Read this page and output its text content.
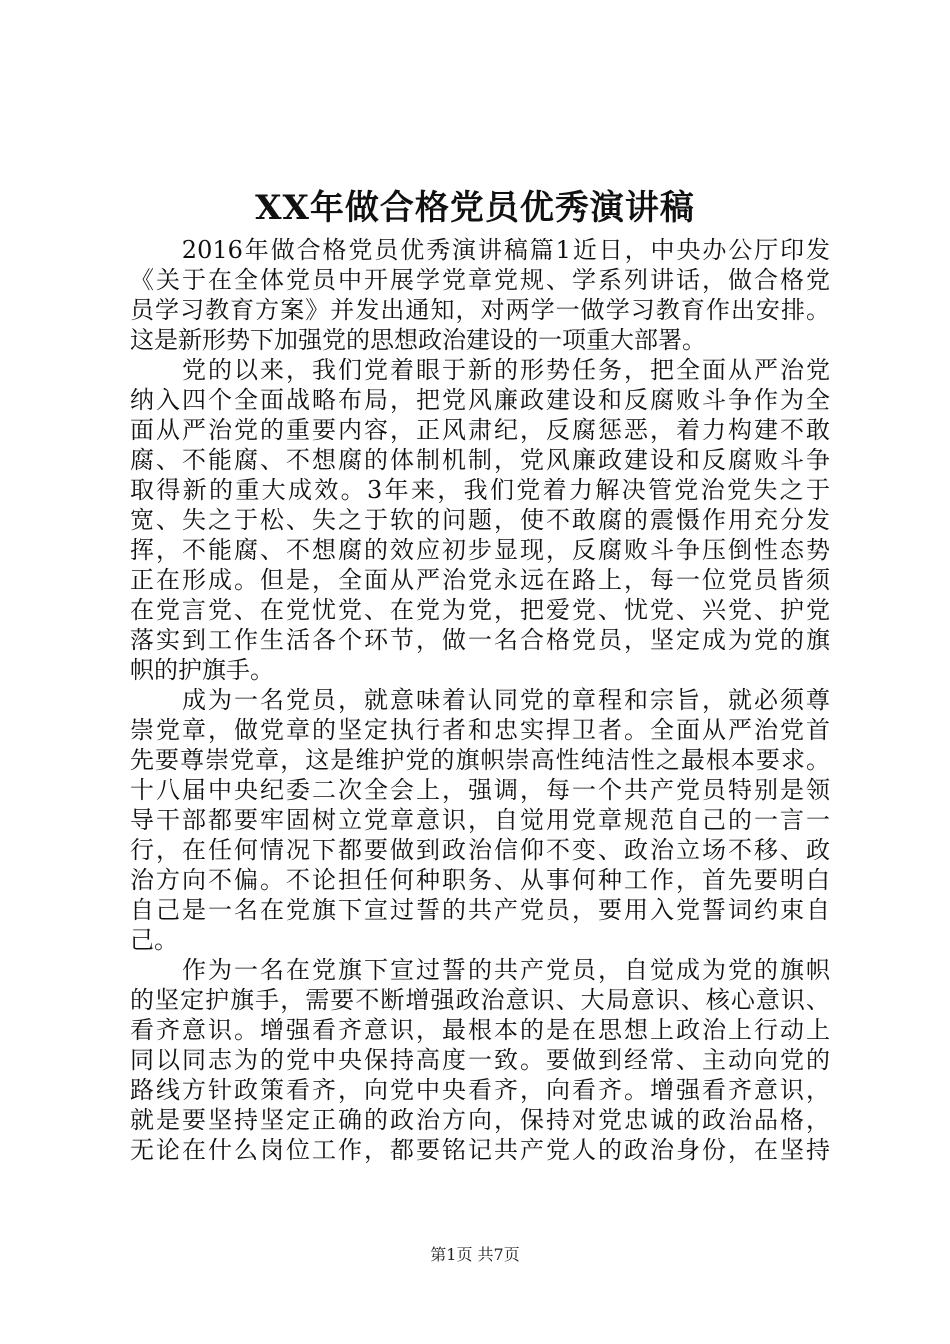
XX年做合格党员优秀演讲稿
　　2016年做合格党员优秀演讲稿篇1近日，中央办公厅印发
《关于在全体党员中开展学党章党规、学系列讲话，做合格党
员学习教育方案》并发出通知，对两学一做学习教育作出安排。
这是新形势下加强党的思想政治建设的一项重大部署。
　　党的以来，我们党着眼于新的形势任务，把全面从严治党
纳入四个全面战略布局，把党风廉政建设和反腐败斗争作为全
面从严治党的重要内容，正风肃纪，反腐惩恶，着力构建不敢
腐、不能腐、不想腐的体制机制，党风廉政建设和反腐败斗争
取得新的重大成效。3年来，我们党着力解决管党治党失之于
宽、失之于松、失之于软的问题，使不敢腐的震慑作用充分发
挥，不能腐、不想腐的效应初步显现，反腐败斗争压倒性态势
正在形成。但是，全面从严治党永远在路上，每一位党员皆须
在党言党、在党忧党、在党为党，把爱党、忧党、兴党、护党
落实到工作生活各个环节，做一名合格党员，坚定成为党的旗
帜的护旗手。
　　成为一名党员，就意味着认同党的章程和宗旨，就必须尊
崇党章，做党章的坚定执行者和忠实捍卫者。全面从严治党首
先要尊崇党章，这是维护党的旗帜崇高性纯洁性之最根本要求。
十八届中央纪委二次全会上，强调，每一个共产党员特别是领
导干部都要牢固树立党章意识，自觉用党章规范自己的一言一
行，在任何情况下都要做到政治信仰不变、政治立场不移、政
治方向不偏。不论担任何种职务、从事何种工作，首先要明白
自己是一名在党旗下宣过誓的共产党员，要用入党誓词约束自
己。
　　作为一名在党旗下宣过誓的共产党员，自觉成为党的旗帜
的坚定护旗手，需要不断增强政治意识、大局意识、核心意识、
看齐意识。增强看齐意识，最根本的是在思想上政治上行动上
同以同志为的党中央保持高度一致。要做到经常、主动向党的
路线方针政策看齐，向党中央看齐，向看齐。增强看齐意识，
就是要坚持坚定正确的政治方向，保持对党忠诚的政治品格，
无论在什么岗位工作，都要铭记共产党人的政治身份，在坚持
第1页 共7页
